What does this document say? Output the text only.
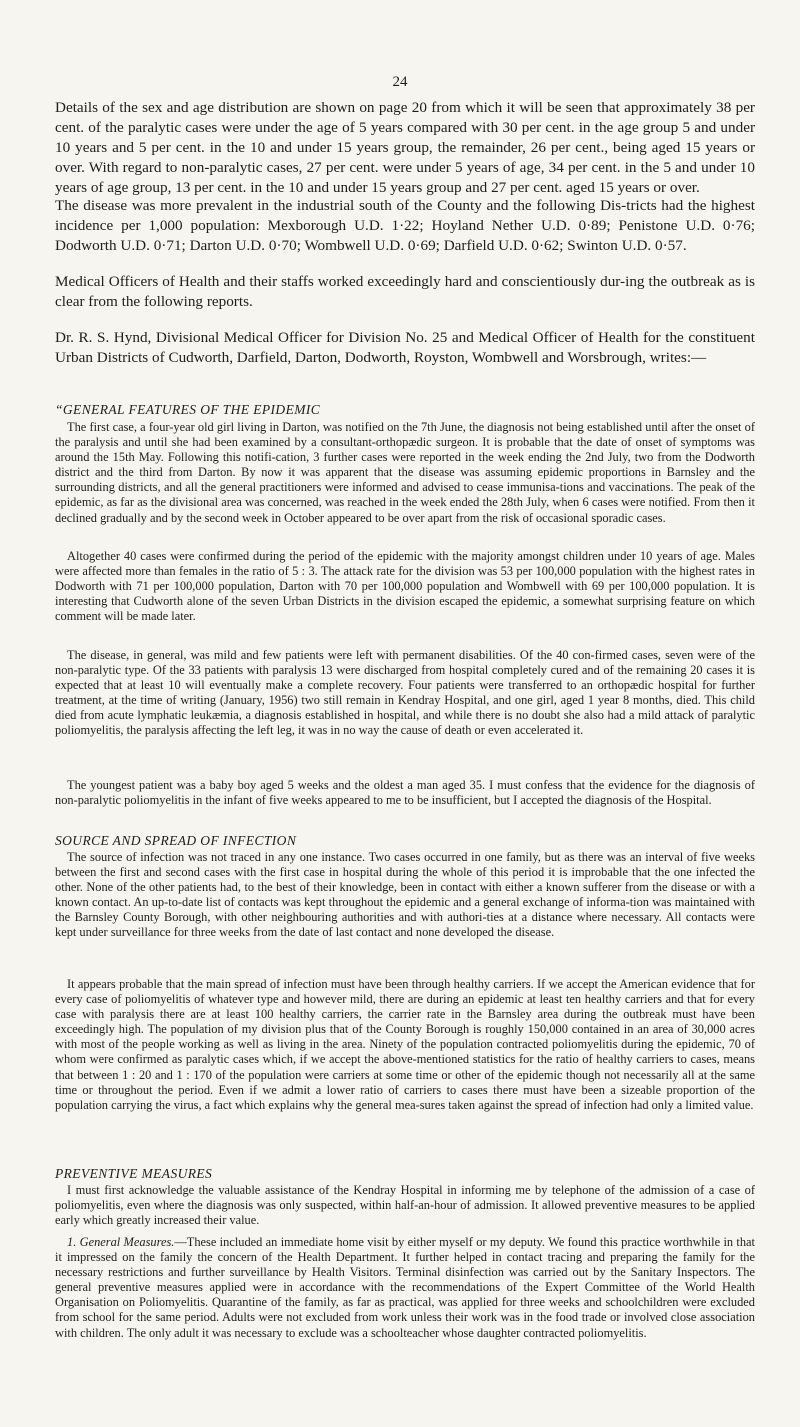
24

Details of the sex and age distribution are shown on page 20 from which it will be seen that approximately 38 per cent. of the paralytic cases were under the age of 5 years compared with 30 per cent. in the age group 5 and under 10 years and 5 per cent. in the 10 and under 15 years group, the remainder, 26 per cent., being aged 15 years or over. With regard to non-paralytic cases, 27 per cent. were under 5 years of age, 34 per cent. in the 5 and under 10 years of age group, 13 per cent. in the 10 and under 15 years group and 27 per cent. aged 15 years or over.

The disease was more prevalent in the industrial south of the County and the following Dis-tricts had the highest incidence per 1,000 population: Mexborough U.D. 1·22; Hoyland Nether U.D. 0·89; Penistone U.D. 0·76; Dodworth U.D. 0·71; Darton U.D. 0·70; Wombwell U.D. 0·69; Darfield U.D. 0·62; Swinton U.D. 0·57.

Medical Officers of Health and their staffs worked exceedingly hard and conscientiously dur-ing the outbreak as is clear from the following reports.

Dr. R. S. Hynd, Divisional Medical Officer for Division No. 25 and Medical Officer of Health for the constituent Urban Districts of Cudworth, Darfield, Darton, Dodworth, Royston, Wombwell and Worsbrough, writes:—

“GENERAL FEATURES OF THE EPIDEMIC

The first case, a four-year old girl living in Darton, was notified on the 7th June, the diagnosis not being established until after the onset of the paralysis and until she had been examined by a consultant-orthopædic surgeon. It is probable that the date of onset of symptoms was around the 15th May. Following this notifi-cation, 3 further cases were reported in the week ending the 2nd July, two from the Dodworth district and the third from Darton. By now it was apparent that the disease was assuming epidemic proportions in Barnsley and the surrounding districts, and all the general practitioners were informed and advised to cease immunisa-tions and vaccinations. The peak of the epidemic, as far as the divisional area was concerned, was reached in the week ended the 28th July, when 6 cases were notified. From then it declined gradually and by the second week in October appeared to be over apart from the risk of occasional sporadic cases.

Altogether 40 cases were confirmed during the period of the epidemic with the majority amongst children under 10 years of age. Males were affected more than females in the ratio of 5 : 3. The attack rate for the division was 53 per 100,000 population with the highest rates in Dodworth with 71 per 100,000 population, Darton with 70 per 100,000 population and Wombwell with 69 per 100,000 population. It is interesting that Cudworth alone of the seven Urban Districts in the division escaped the epidemic, a somewhat surprising feature on which comment will be made later.

The disease, in general, was mild and few patients were left with permanent disabilities. Of the 40 con-firmed cases, seven were of the non-paralytic type. Of the 33 patients with paralysis 13 were discharged from hospital completely cured and of the remaining 20 cases it is expected that at least 10 will eventually make a complete recovery. Four patients were transferred to an orthopædic hospital for further treatment, at the time of writing (January, 1956) two still remain in Kendray Hospital, and one girl, aged 1 year 8 months, died. This child died from acute lymphatic leukæmia, a diagnosis established in hospital, and while there is no doubt she also had a mild attack of paralytic poliomyelitis, the paralysis affecting the left leg, it was in no way the cause of death or even accelerated it.

The youngest patient was a baby boy aged 5 weeks and the oldest a man aged 35. I must confess that the evidence for the diagnosis of non-paralytic poliomyelitis in the infant of five weeks appeared to me to be insufficient, but I accepted the diagnosis of the Hospital.

SOURCE AND SPREAD OF INFECTION

The source of infection was not traced in any one instance. Two cases occurred in one family, but as there was an interval of five weeks between the first and second cases with the first case in hospital during the whole of this period it is improbable that the one infected the other. None of the other patients had, to the best of their knowledge, been in contact with either a known sufferer from the disease or with a known contact. An up-to-date list of contacts was kept throughout the epidemic and a general exchange of informa-tion was maintained with the Barnsley County Borough, with other neighbouring authorities and with authori-ties at a distance where necessary. All contacts were kept under surveillance for three weeks from the date of last contact and none developed the disease.

It appears probable that the main spread of infection must have been through healthy carriers. If we accept the American evidence that for every case of poliomyelitis of whatever type and however mild, there are during an epidemic at least ten healthy carriers and that for every case with paralysis there are at least 100 healthy carriers, the carrier rate in the Barnsley area during the outbreak must have been exceedingly high. The population of my division plus that of the County Borough is roughly 150,000 contained in an area of 30,000 acres with most of the people working as well as living in the area. Ninety of the population contracted poliomyelitis during the epidemic, 70 of whom were confirmed as paralytic cases which, if we accept the above-mentioned statistics for the ratio of healthy carriers to cases, means that between 1 : 20 and 1 : 170 of the population were carriers at some time or other of the epidemic though not necessarily all at the same time or throughout the period. Even if we admit a lower ratio of carriers to cases there must have been a sizeable proportion of the population carrying the virus, a fact which explains why the general mea-sures taken against the spread of infection had only a limited value.

PREVENTIVE MEASURES

I must first acknowledge the valuable assistance of the Kendray Hospital in informing me by telephone of the admission of a case of poliomyelitis, even where the diagnosis was only suspected, within half-an-hour of admission. It allowed preventive measures to be applied early which greatly increased their value.

1. General Measures.—These included an immediate home visit by either myself or my deputy. We found this practice worthwhile in that it impressed on the family the concern of the Health Department. It further helped in contact tracing and preparing the family for the necessary restrictions and further surveillance by Health Visitors. Terminal disinfection was carried out by the Sanitary Inspectors. The general preventive measures applied were in accordance with the recommendations of the Expert Committee of the World Health Organisation on Poliomyelitis. Quarantine of the family, as far as practical, was applied for three weeks and schoolchildren were excluded from school for the same period. Adults were not excluded from work unless their work was in the food trade or involved close association with children. The only adult it was necessary to exclude was a schoolteacher whose daughter contracted poliomyelitis.
